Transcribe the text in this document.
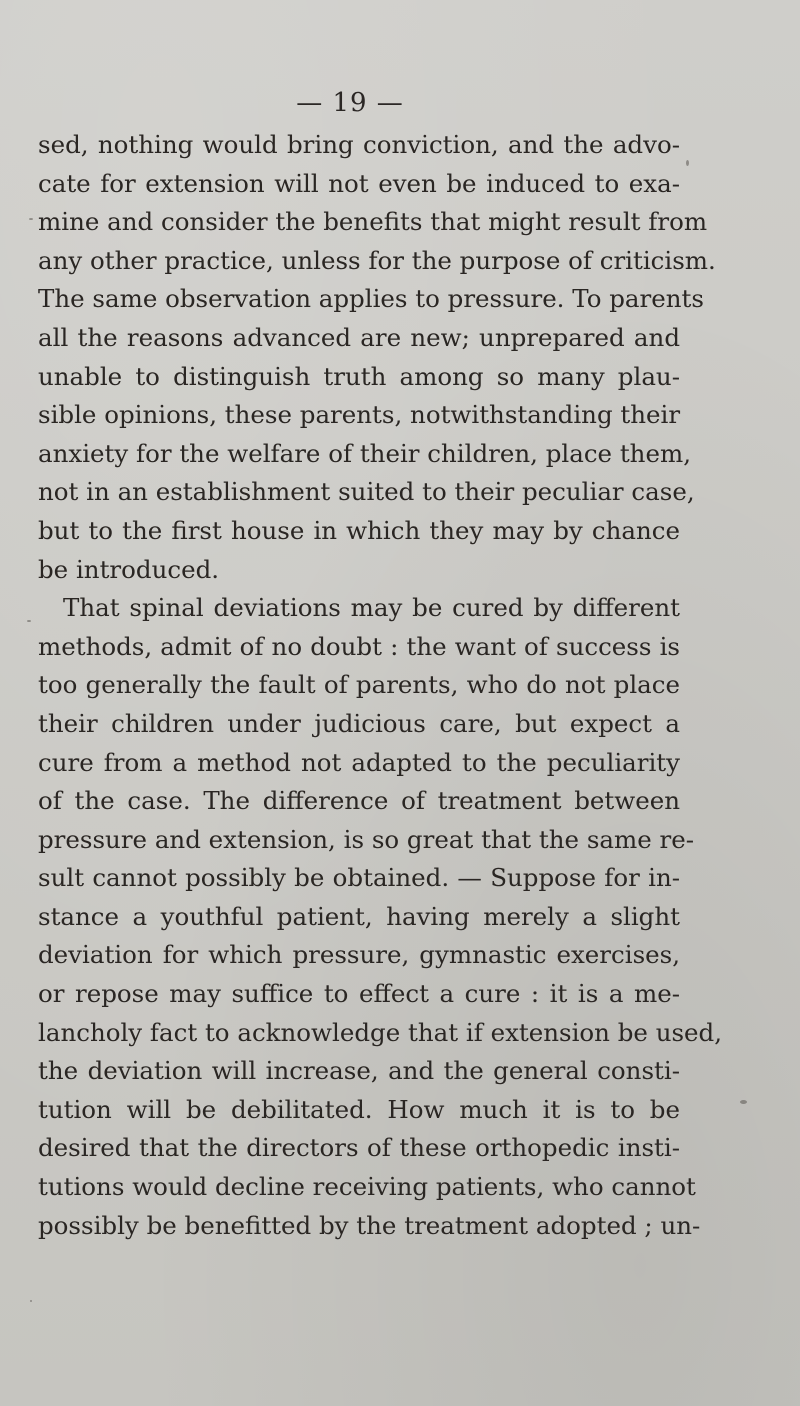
— 19 —
sed, nothing would bring conviction, and the advo-
cate for extension will not even be induced to exa-
mine and consider the benefits that might result from
any other practice, unless for the purpose of criticism.
The same observation applies to pressure. To parents
all the reasons advanced are new; unprepared and
unable to distinguish truth among so many plau-
sible opinions, these parents, notwithstanding their
anxiety for the welfare of their children, place them,
not in an establishment suited to their peculiar case,
but to the first house in which they may by chance
be introduced.
That spinal deviations may be cured by different
methods, admit of no doubt : the want of success is
too generally the fault of parents, who do not place
their children under judicious care, but expect a
cure from a method not adapted to the peculiarity
of the case. The difference of treatment between
pressure and extension, is so great that the same re-
sult cannot possibly be obtained. — Suppose for in-
stance a youthful patient, having merely a slight
deviation for which pressure, gymnastic exercises,
or repose may suffice to effect a cure : it is a me-
lancholy fact to acknowledge that if extension be used,
the deviation will increase, and the general consti-
tution will be debilitated. How much it is to be
desired that the directors of these orthopedic insti-
tutions would decline receiving patients, who cannot
possibly be benefitted by the treatment adopted ; un-
